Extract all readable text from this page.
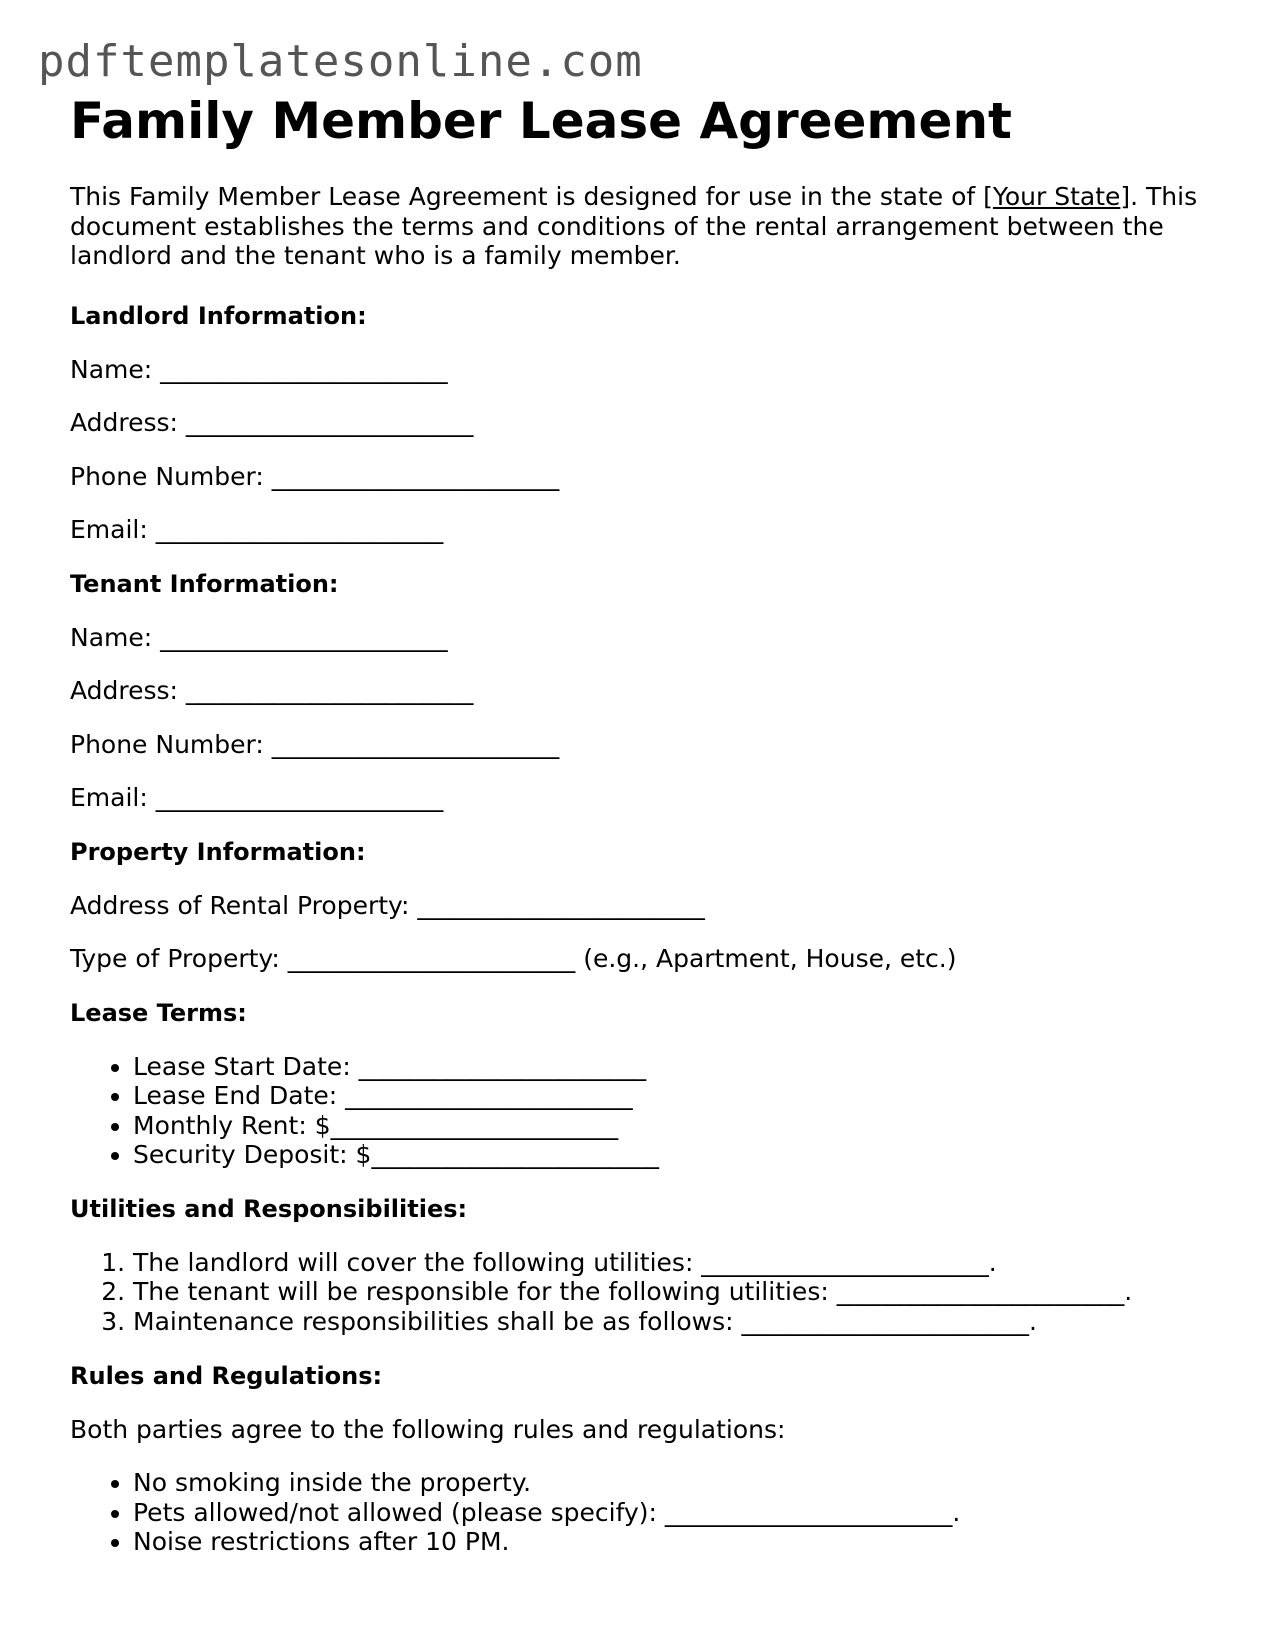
pdftemplatesonline.com
Family Member Lease Agreement

This Family Member Lease Agreement is designed for use in the state of [Your State]. This document establishes the terms and conditions of the rental arrangement between the landlord and the tenant who is a family member.

Landlord Information:

Name: _______________________

Address: _______________________

Phone Number: _______________________

Email: _______________________

Tenant Information:

Name: _______________________

Address: _______________________

Phone Number: _______________________

Email: _______________________

Property Information:

Address of Rental Property: _______________________

Type of Property: _______________________ (e.g., Apartment, House, etc.)

Lease Terms:
• Lease Start Date: _______________________
• Lease End Date: _______________________
• Monthly Rent: $_______________________
• Security Deposit: $_______________________
Utilities and Responsibilities:
1. The landlord will cover the following utilities: _______________________.
2. The tenant will be responsible for the following utilities: _______________________.
3. Maintenance responsibilities shall be as follows: _______________________.
Rules and Regulations:

Both parties agree to the following rules and regulations:

• No smoking inside the property.
• Pets allowed/not allowed (please specify): _______________________.
• Noise restrictions after 10 PM.
